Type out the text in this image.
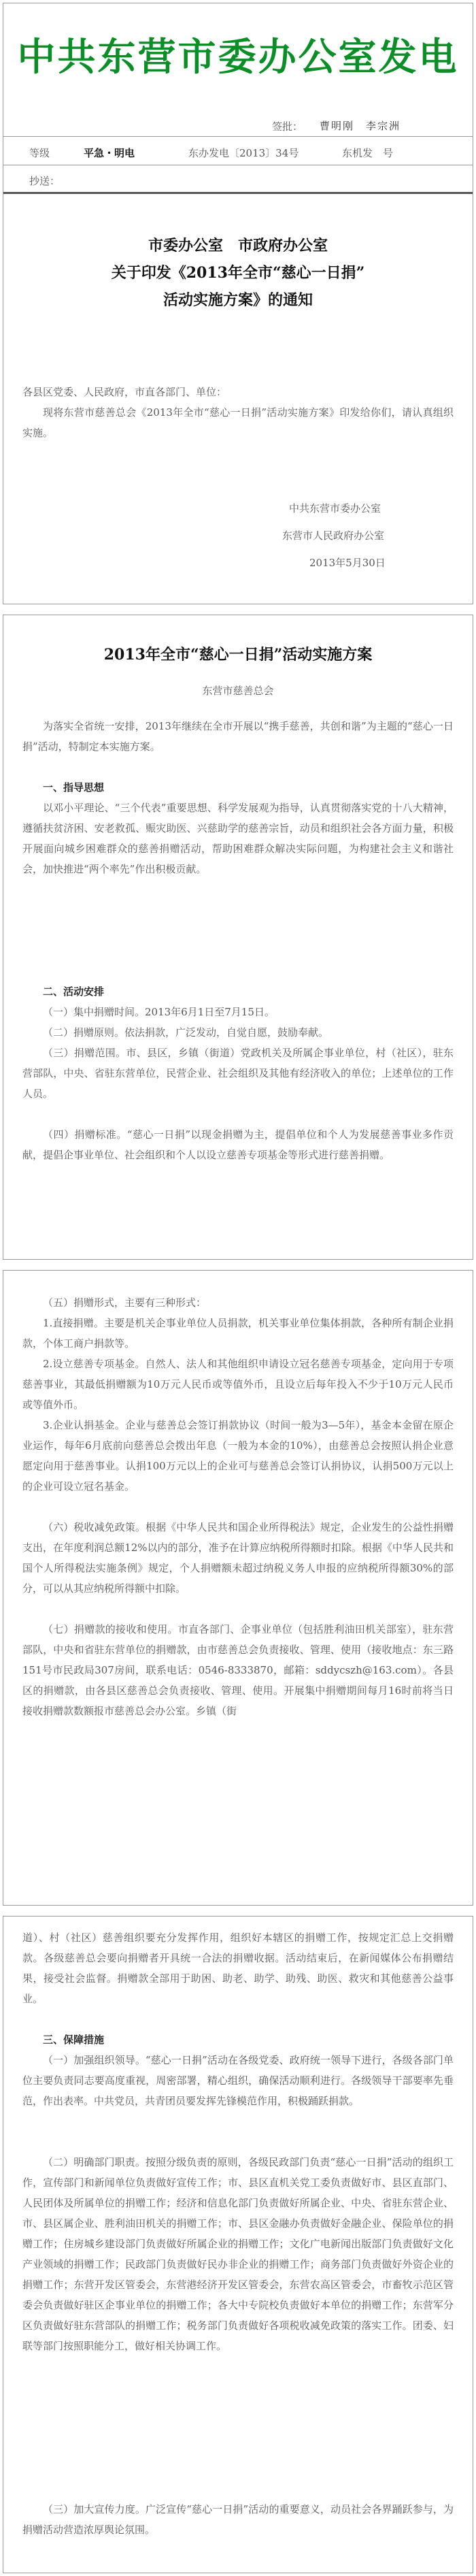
中共东营市委办公室发电
签批： 曹明刚　李宗洲
等级	平急・明电	东办发电〔2013〕34号	东机发　号
抄送：
市委办公室　市政府办公室
关于印发《2013年全市“慈心一日捐”
活动实施方案》的通知
各县区党委、人民政府，市直各部门、单位：
现将东营市慈善总会《2013年全市“慈心一日捐”活动实施方案》印发给你们，请认真组织实施。
中共东营市委办公室
东营市人民政府办公室
2013年5月30日
2013年全市“慈心一日捐”活动实施方案
东营市慈善总会
为落实全省统一安排，2013年继续在全市开展以“携手慈善，共创和谐”为主题的“慈心一日捐”活动，特制定本实施方案。
一、指导思想
以邓小平理论、“三个代表”重要思想、科学发展观为指导，认真贯彻落实党的十八大精神，遵循扶贫济困、安老救孤、赈灾助医、兴慈助学的慈善宗旨，动员和组织社会各方面力量，积极开展面向城乡困难群众的慈善捐赠活动，帮助困难群众解决实际问题，为构建社会主义和谐社会，加快推进“两个率先”作出积极贡献。
二、活动安排
（一）集中捐赠时间。2013年6月1日至7月15日。
（二）捐赠原则。依法捐款，广泛发动，自觉自愿，鼓励奉献。
（三）捐赠范围。市、县区，乡镇（街道）党政机关及所属企事业单位，村（社区），驻东营部队，中央、省驻东营单位，民营企业、社会组织及其他有经济收入的单位；上述单位的工作人员。
（四）捐赠标准。“慈心一日捐”以现金捐赠为主，提倡单位和个人为发展慈善事业多作贡献，提倡企事业单位、社会组织和个人以设立慈善专项基金等形式进行慈善捐赠。
（五）捐赠形式，主要有三种形式：
1.直接捐赠。主要是机关企事业单位人员捐款，机关事业单位集体捐款，各种所有制企业捐款，个体工商户捐款等。
2.设立慈善专项基金。自然人、法人和其他组织申请设立冠名慈善专项基金，定向用于专项慈善事业，其最低捐赠额为10万元人民币或等值外币，且设立后每年投入不少于10万元人民币或等值外币。
3.企业认捐基金。企业与慈善总会签订捐款协议（时间一般为3—5年），基金本金留在原企业运作，每年6月底前向慈善总会拨出年息（一般为本金的10%），由慈善总会按照认捐企业意愿定向用于慈善事业。认捐100万元以上的企业可与慈善总会签订认捐协议，认捐500万元以上的企业可设立冠名基金。
（六）税收减免政策。根据《中华人民共和国企业所得税法》规定，企业发生的公益性捐赠支出，在年度利润总额12%以内的部分，准予在计算应纳税所得额时扣除。根据《中华人民共和国个人所得税法实施条例》规定，个人捐赠额未超过纳税义务人申报的应纳税所得额30%的部分，可以从其应纳税所得额中扣除。
（七）捐赠款的接收和使用。市直各部门、企事业单位（包括胜利油田机关部室），驻东营部队，中央和省驻东营单位的捐赠款，由市慈善总会负责接收、管理、使用（接收地点：东三路151号市民政局307房间，联系电话：0546-8333870，邮箱：sddycszh@163.com）。各县区的捐赠款，由各县区慈善总会负责接收、管理、使用。开展集中捐赠期间每月16时前将当日接收捐赠款数额报市慈善总会办公室。乡镇（街
道）、村（社区）慈善组织要充分发挥作用，组织好本辖区的捐赠工作，按规定汇总上交捐赠款。各级慈善总会要向捐赠者开具统一合法的捐赠收据。活动结束后，在新闻媒体公布捐赠结果，接受社会监督。捐赠款全部用于助困、助老、助学、助残、助医、救灾和其他慈善公益事业。
三、保障措施
（一）加强组织领导。“慈心一日捐”活动在各级党委、政府统一领导下进行，各级各部门单位主要负责同志要高度重视，周密部署，精心组织，确保活动顺利进行。各级领导干部要率先垂范，作出表率。中共党员，共青团员要发挥先锋模范作用，积极踊跃捐款。
（二）明确部门职责。按照分级负责的原则，各级民政部门负责“慈心一日捐”活动的组织工作，宣传部门和新闻单位负责做好宣传工作；市、县区直机关党工委负责做好市、县区直部门、人民团体及所属单位的捐赠工作；经济和信息化部门负责做好所属企业、中央、省驻东营企业、市、县区属企业、胜利油田机关的捐赠工作；市、县区金融办负责做好金融企业、保险单位的捐赠工作；住房城乡建设部门负责做好所属企业的捐赠工作；文化广电新闻出版部门负责做好文化产业领域的捐赠工作；民政部门负责做好民办非企业的捐赠工作；商务部门负责做好外资企业的捐赠工作；东营开发区管委会，东营港经济开发区管委会，东营农高区管委会，市畜牧示范区管委会负责做好驻区企事业单位的捐赠工作；各大中专院校负责做好本单位的捐赠工作；东营军分区负责做好驻东营部队的捐赠工作；税务部门负责做好各项税收减免政策的落实工作。团委、妇联等部门按照职能分工，做好相关协调工作。
（三）加大宣传力度。广泛宣传“慈心一日捐”活动的重要意义，动员社会各界踊跃参与，为捐赠活动营造浓厚舆论氛围。
